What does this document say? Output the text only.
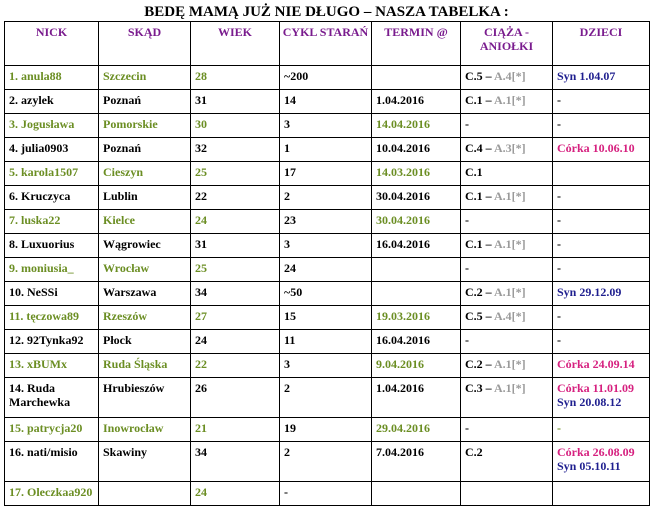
BEDĘ MAMĄ JUŻ NIE DŁUGO – NASZA TABELKA :
NICK	SKĄD	WIEK	CYKL STARAŃ	TERMIN @	CIĄŻA - ANIOŁKI	DZIECI
1. anula88	Szczecin	28	~200		C.5 – A.4[*]	Syn 1.04.07

2. azylek	Poznań	31	14	1.04.2016	C.1 – A.1[*]	-

3. Jogusława	Pomorskie	30	3	14.04.2016	-	-

4. julia0903	Poznań	32	1	10.04.2016	C.4 – A.3[*]	Córka 10.06.10

5. karola1507	Cieszyn	25	17	14.03.2016	C.1	

6. Kruczyca	Lublin	22	2	30.04.2016	C.1 – A.1[*]	-

7. luska22	Kielce	24	23	30.04.2016	-	-

8. Luxuorius	Wągrowiec	31	3	16.04.2016	C.1 – A.1[*]	-

9. moniusia_	Wrocław	25	24		-	-

10. NeSSi	Warszawa	34	~50		C.2 – A.1[*]	Syn 29.12.09

11. tęczowa89	Rzeszów	27	15	19.03.2016	C.5 – A.4[*]	-

12. 92Tynka92	Płock	24	11	16.04.2016	-	-

13. xBUMx	Ruda Śląska	22	3	9.04.2016	C.2 – A.1[*]	Córka 24.09.14

14. Ruda Marchewka	Hrubieszów	26	2	1.04.2016	C.3 – A.1[*]	Córka 11.01.09
Syn 20.08.12

15. patrycja20	Inowrocław	21	19	29.04.2016	-	-

16. nati/misio	Skawiny	34	2	7.04.2016	C.2	Córka 26.08.09
Syn 05.10.11

17. Oleczkaa920		24	-			
